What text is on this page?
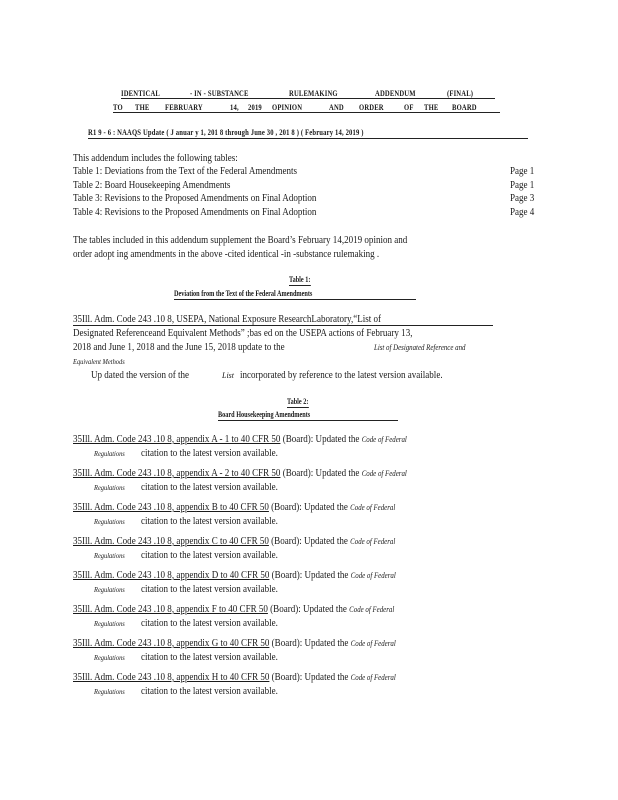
IDENTICAL	- IN - SUBSTANCE	RULEMAKING	ADDENDUM	(FINAL)
TO THE FEBRUARY	14, 2019 OPINION	AND ORDER OF THE BOARD
R1 9 - 6 : NAAQS Update ( J anuar y 1, 201 8 through June 30 , 201 8 ) ( February 14, 2019 )
This addendum includes the following tables:
Table 1: Deviations from the Text of the Federal Amendments	Page 1
Table 2: Board Housekeeping Amendments	Page 1
Table 3: Revisions to the Proposed Amendments on Final Adoption	Page 3
Table 4: Revisions to the Proposed Amendments on Final Adoption	Page 4
The tables included in this addendum supplement the Board’s February 14,2019 opinion and
order adopt ing amendments in the above -cited identical -in -substance rulemaking .
Table 1:
Deviation from the Text of the Federal Amendments
35Ill. Adm. Code 243 .10 8, USEPA, National Exposure ResearchLaboratory,“List of
Designated Referenceand Equivalent Methods” ;bas ed on the USEPA actions of February 13,
2018 and June 1, 2018 and the June 15, 2018 update to the	List of Designated Reference and
Equivalent Methods
Up dated the version of the	List incorporated by reference to the latest version available.
Table 2:
Board Housekeeping Amendments
35Ill. Adm. Code 243 .10 8, appendix A - 1 to 40 CFR 50 (Board): Updated the Code of Federal
Regulations          citation to the latest version available.
35Ill. Adm. Code 243 .10 8, appendix A - 2 to 40 CFR 50 (Board): Updated the Code of Federal
Regulations          citation to the latest version available.
35Ill. Adm. Code 243 .10 8, appendix B to 40 CFR 50 (Board): Updated the Code of Federal
Regulations          citation to the latest version available.
35Ill. Adm. Code 243 .10 8, appendix C to 40 CFR 50 (Board): Updated the Code of Federal
Regulations          citation to the latest version available.
35Ill. Adm. Code 243 .10 8, appendix D to 40 CFR 50 (Board): Updated the Code of Federal
Regulations          citation to the latest version available.
35Ill. Adm. Code 243 .10 8, appendix F to 40 CFR 50 (Board): Updated the Code of Federal
Regulations          citation to the latest version available.
35Ill. Adm. Code 243 .10 8, appendix G to 40 CFR 50 (Board): Updated the Code of Federal
Regulations          citation to the latest version available.
35Ill. Adm. Code 243 .10 8, appendix H to 40 CFR 50 (Board): Updated the Code of Federal
Regulations          citation to the latest version available.
